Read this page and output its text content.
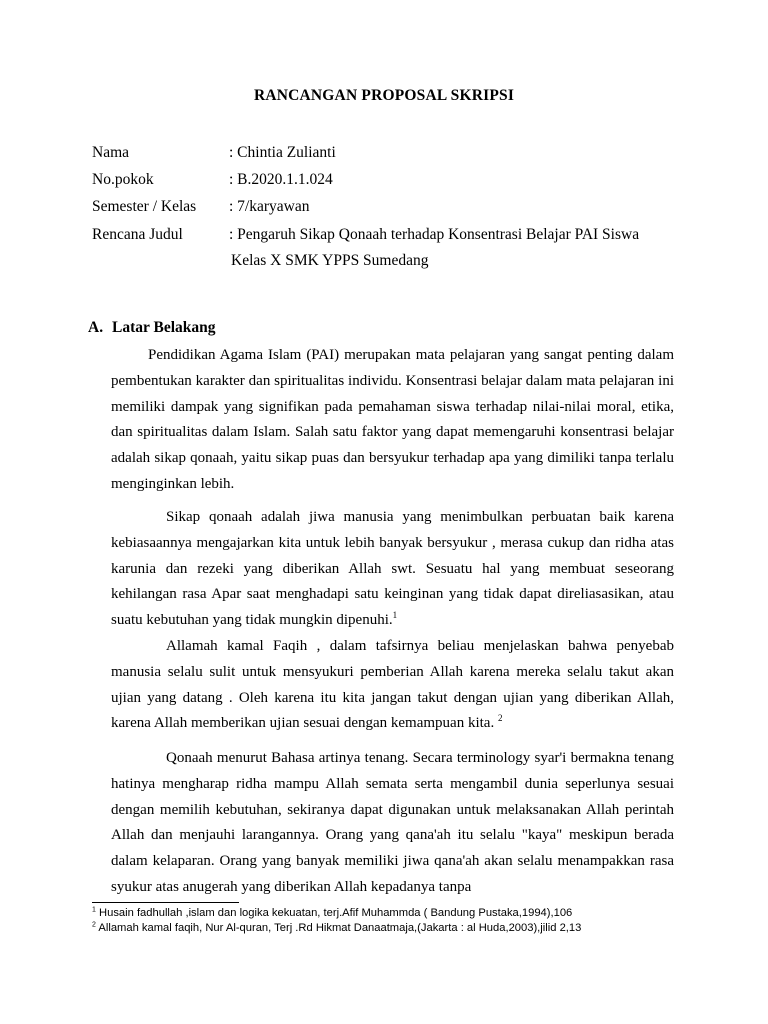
RANCANGAN PROPOSAL SKRIPSI
Nama	: Chintia Zulianti
No.pokok	: B.2020.1.1.024
Semester / Kelas : 7/karyawan
Rencana Judul	: Pengaruh Sikap Qonaah terhadap Konsentrasi Belajar PAI Siswa
Kelas X SMK YPPS Sumedang
A. Latar Belakang

Pendidikan Agama Islam (PAI) merupakan mata pelajaran yang sangat penting dalam pembentukan karakter dan spiritualitas individu. Konsentrasi belajar dalam mata pelajaran ini memiliki dampak yang signifikan pada pemahaman siswa terhadap nilai-nilai moral, etika, dan spiritualitas dalam Islam. Salah satu faktor yang dapat memengaruhi konsentrasi belajar adalah sikap qonaah, yaitu sikap puas dan bersyukur terhadap apa yang dimiliki tanpa terlalu menginginkan lebih.

Sikap qonaah adalah jiwa manusia yang menimbulkan perbuatan baik karena kebiasaannya mengajarkan kita untuk lebih banyak bersyukur , merasa cukup dan ridha atas karunia dan rezeki yang diberikan Allah swt. Sesuatu hal yang membuat seseorang kehilangan rasa Apar saat menghadapi satu keinginan yang tidak dapat direliasasikan, atau suatu kebutuhan yang tidak mungkin dipenuhi.$^1$

Allamah kamal Faqih , dalam tafsirnya beliau menjelaskan bahwa penyebab manusia selalu sulit untuk mensyukuri pemberian Allah karena mereka selalu takut akan ujian yang datang . Oleh karena itu kita jangan takut dengan ujian yang diberikan Allah, karena Allah memberikan ujian sesuai dengan kemampuan kita. $^2$

Qonaah menurut Bahasa artinya tenang. Secara terminology syar'i bermakna tenang hatinya mengharap ridha mampu Allah semata serta mengambil dunia seperlunya sesuai dengan memilih kebutuhan, sekiranya dapat digunakan untuk melaksanakan Allah perintah Allah dan menjauhi larangannya. Orang yang qana'ah itu selalu "kaya" meskipun berada dalam kelaparan. Orang yang banyak memiliki jiwa qana'ah akan selalu menampakkan rasa syukur atas anugerah yang diberikan Allah kepadanya tanpa

$^1$ Husain fadhullah ,islam dan logika kekuatan, terj.Afif Muhammda ( Bandung Pustaka,1994),106
$^2$ Allamah kamal faqih, Nur Al-quran, Terj .Rd Hikmat Danaatmaja,(Jakarta : al Huda,2003),jilid 2,13
